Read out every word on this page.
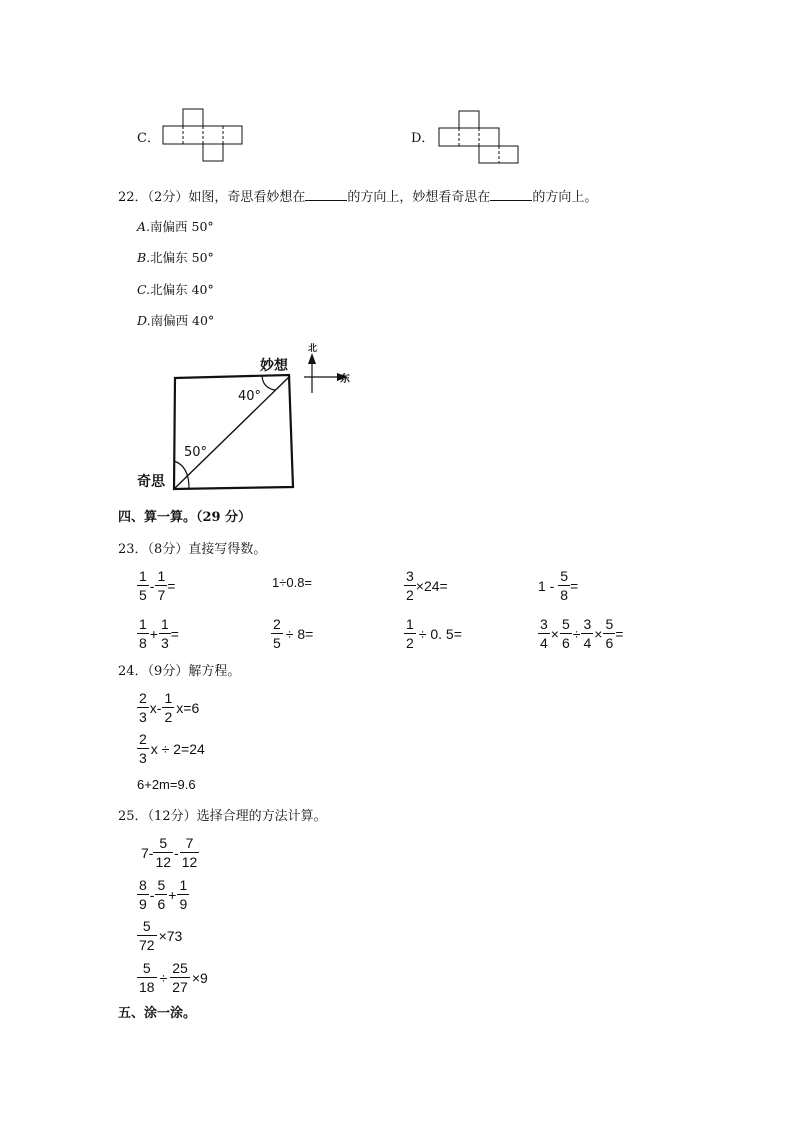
C．	D．
22．（2分）如图，奇思看妙想在	的方向上，妙想看奇思在	的方向上。
A.南偏西 50°
B.北偏东 50°
C.北偏东 40°
D.南偏西 40°
40°
50°
妙想
奇思
北
东
四、算一算。（29 分）
23．（8分）直接写得数。
$\frac{1}{5} - \frac{1}{7}$ =	1÷0.8=	$\frac{3}{2} \times 24=$	$1 - \frac{5}{8}$ =
$\frac{1}{8} + \frac{1}{3}$ =	$\frac{2}{5} \div 8=$	$\frac{1}{2} \div 0$. 5=	$\frac{3}{4} \times \frac{5}{6} \div \frac{3}{4} \times \frac{5}{6}$ =
24．（9分）解方程。
$\frac{2}{3} x- \frac{1}{2} x=6$
$\frac{2}{3}$ x ÷ 2=24
6+2m=9.6
25．（12分）选择合理的方法计算。
$7- \frac{5}{12} - \frac{7}{12}$
$\frac{8}{9} - \frac{5}{6} + \frac{1}{9}$
$\frac{5}{72} \times 73$
$\frac{5}{18} \div \frac{25}{27} \times 9$
五、涂一涂。
